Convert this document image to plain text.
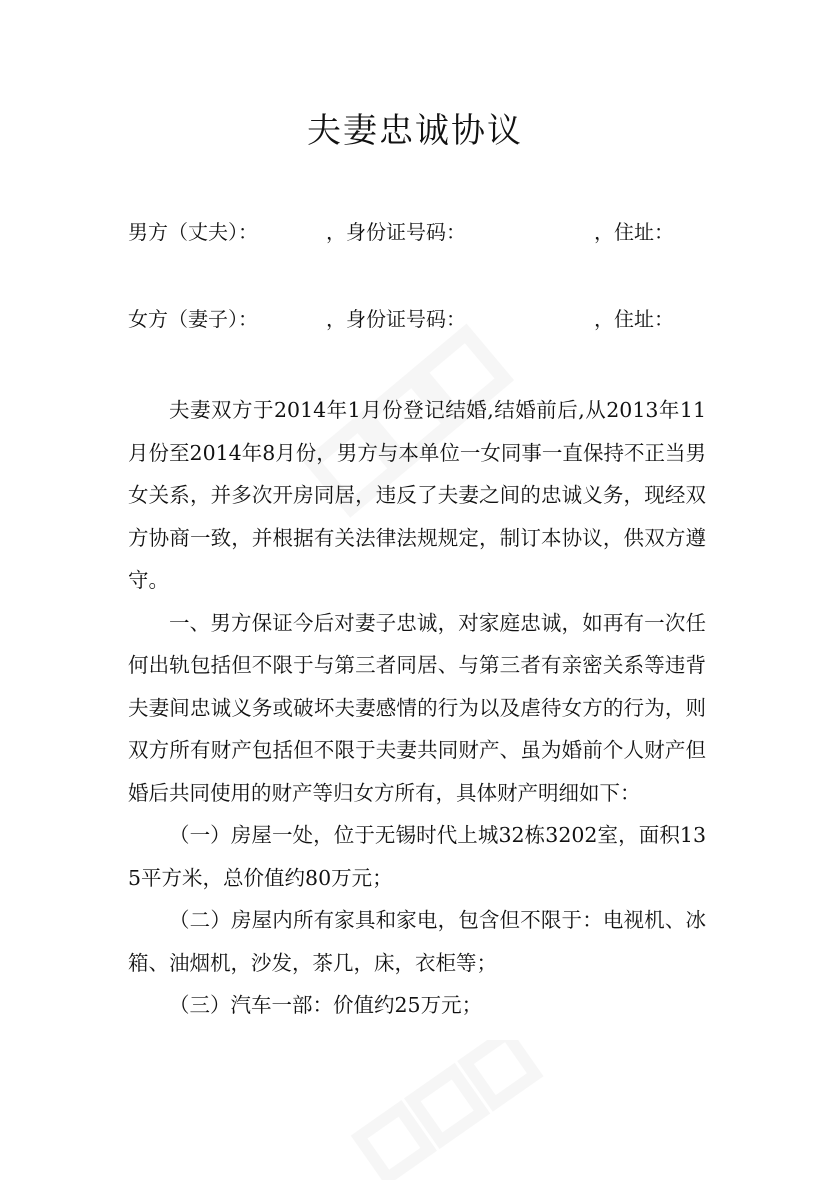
夫妻忠诚协议
男方（丈夫）：	，身份证号码：	，住址：
女方（妻子）：	，身份证号码：	，住址：

夫妻双方于2014年1月份登记结婚,结婚前后,从2013年11月份至2014年8月份，男方与本单位一女同事一直保持不正当男女关系，并多次开房同居，违反了夫妻之间的忠诚义务，现经双方协商一致，并根据有关法律法规规定，制订本协议，供双方遵守。

一、男方保证今后对妻子忠诚，对家庭忠诚，如再有一次任何出轨包括但不限于与第三者同居、与第三者有亲密关系等违背夫妻间忠诚义务或破坏夫妻感情的行为以及虐待女方的行为，则双方所有财产包括但不限于夫妻共同财产、虽为婚前个人财产但婚后共同使用的财产等归女方所有，具体财产明细如下：

（一）房屋一处，位于无锡时代上城32栋3202室，面积135平方米，总价值约80万元；

（二）房屋内所有家具和家电，包含但不限于：电视机、冰箱、油烟机，沙发，茶几，床，衣柜等；

（三）汽车一部：价值约25万元；
